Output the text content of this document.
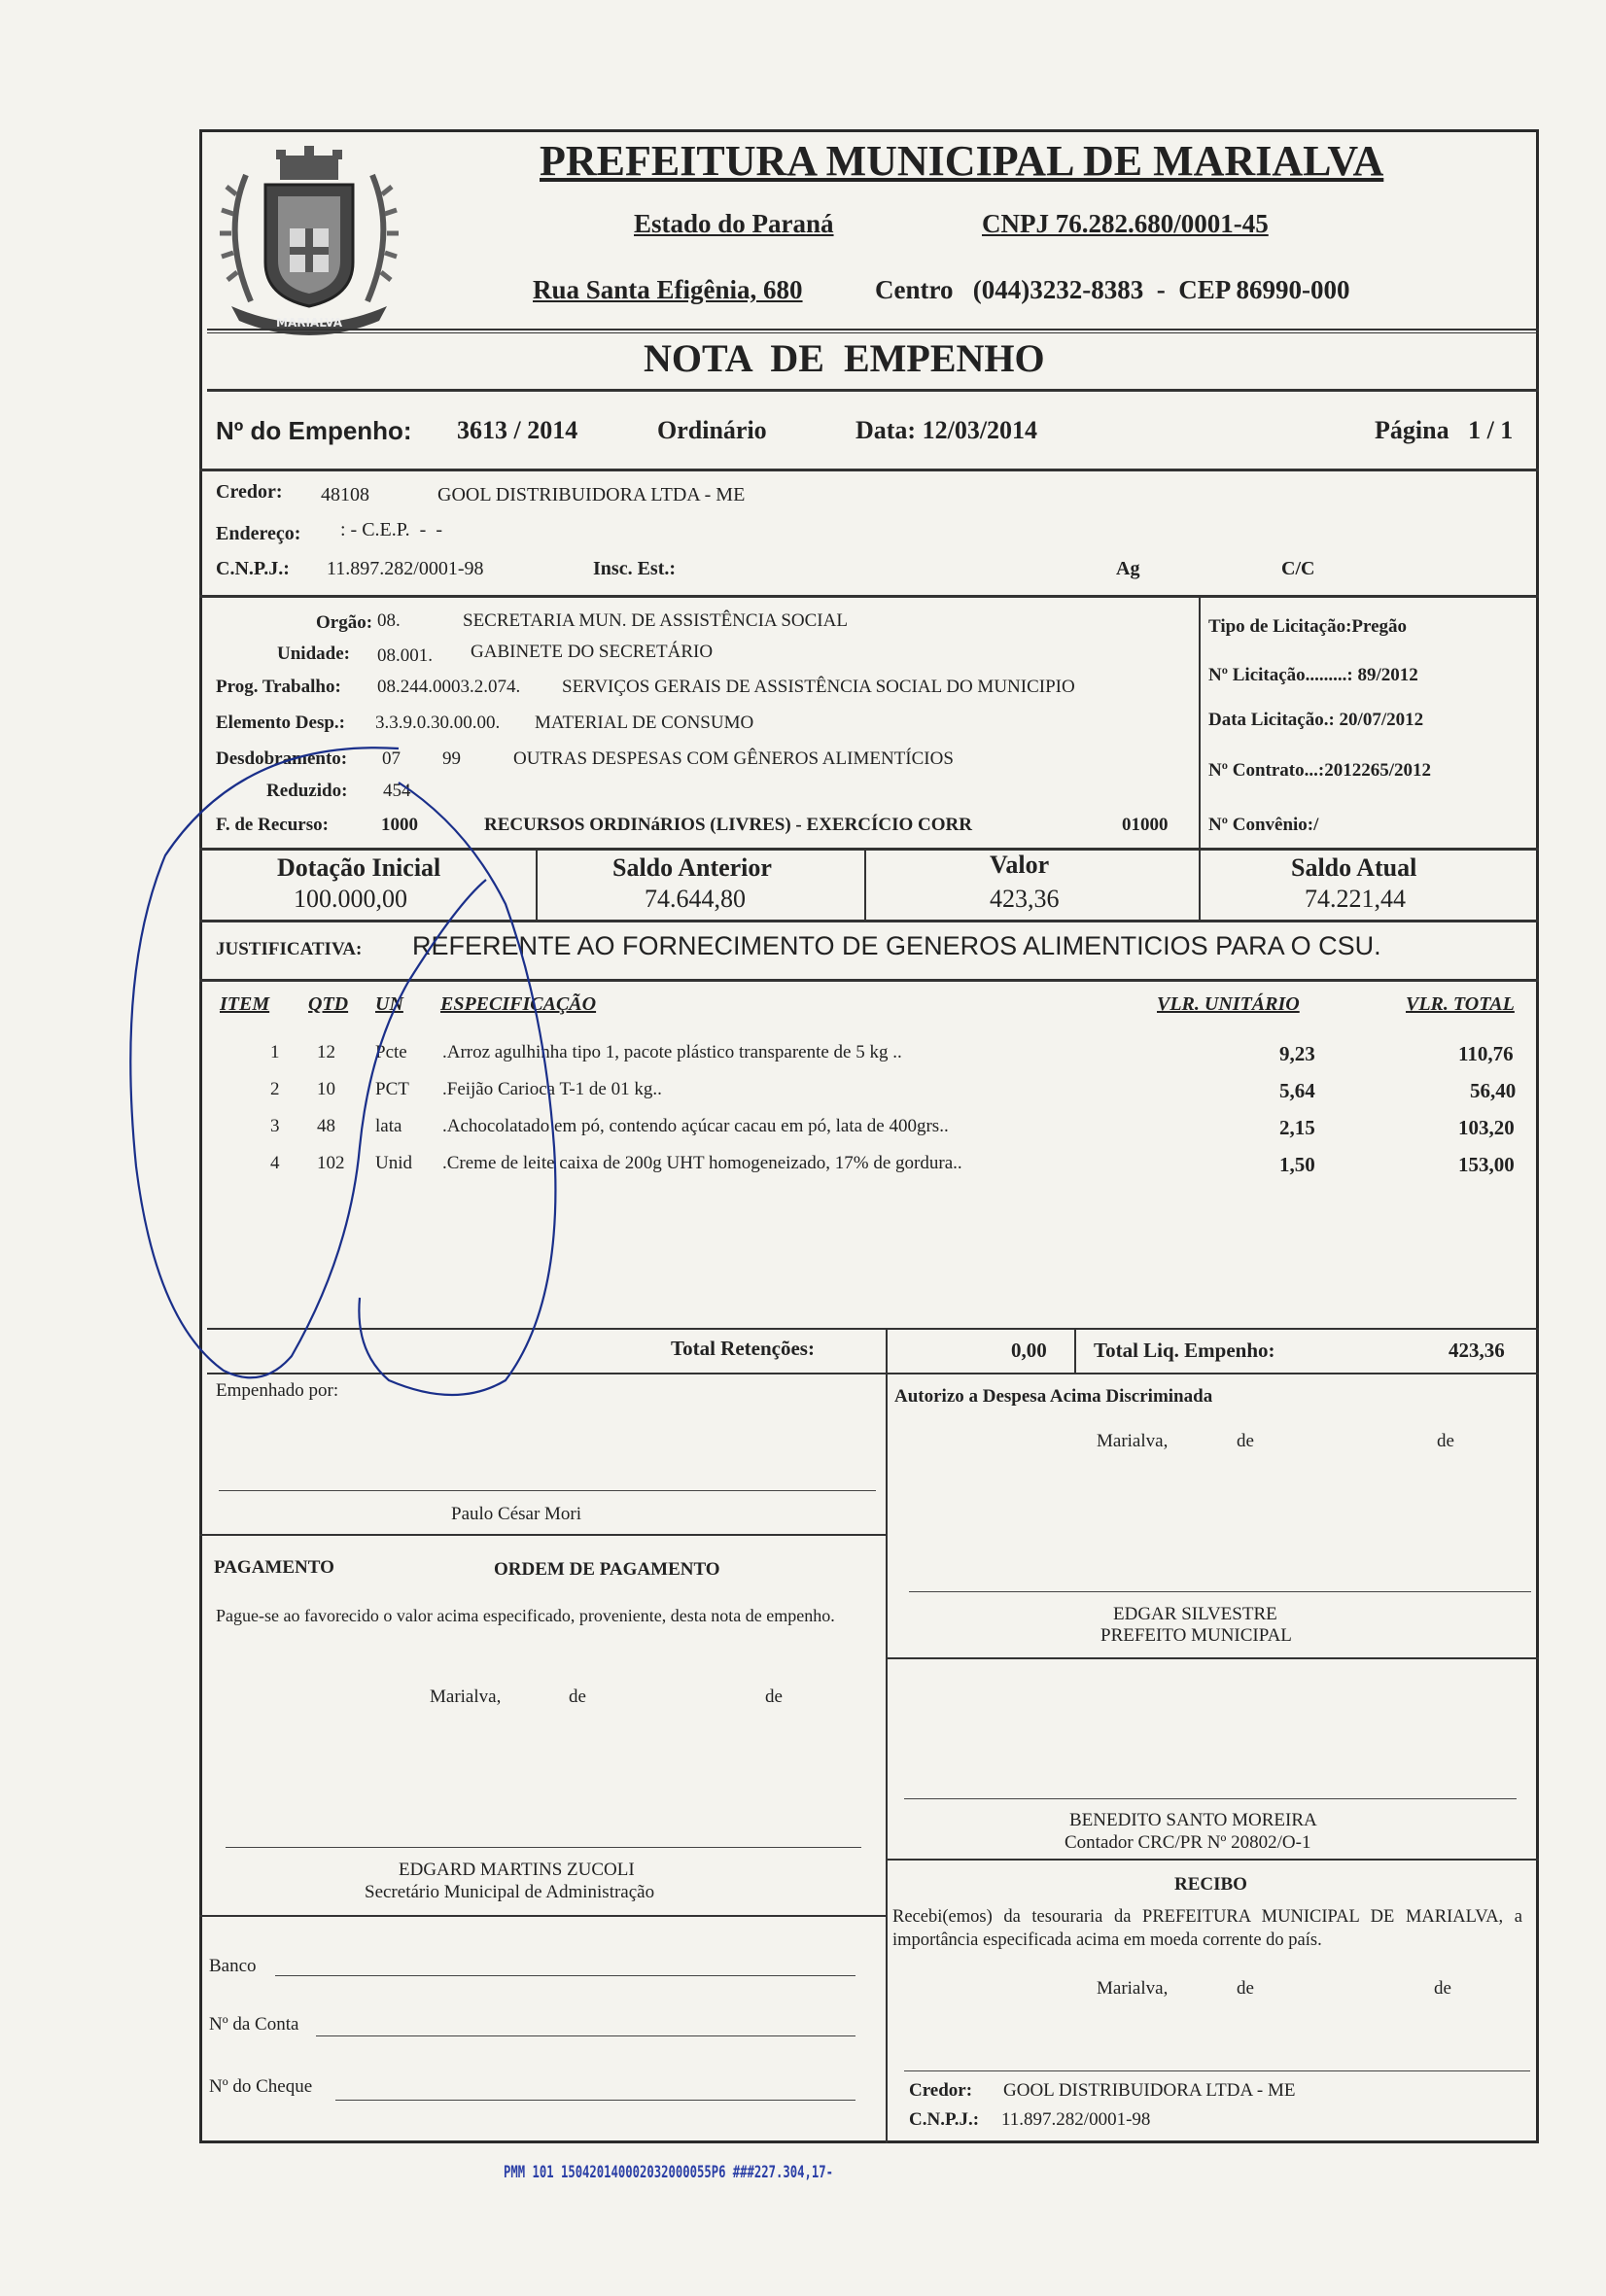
MARIALVA
PREFEITURA MUNICIPAL DE MARIALVA
Estado do Paraná	CNPJ 76.282.680/0001-45
Rua Santa Efigênia, 680	Centro   (044)3232-8383  -  CEP 86990-000
NOTA  DE  EMPENHO
Nº do Empenho: 3613 / 2014	Ordinário	Data: 12/03/2014	Página   1 / 1
Credor: 48108	GOOL DISTRIBUIDORA LTDA - ME
Endereço: : - C.E.P.  -  -
C.N.P.J.: 11.897.282/0001-98	Insc. Est.:	Ag	C/C
Orgão: 08.	SECRETARIA MUN. DE ASSISTÊNCIA SOCIAL
Unidade: 08.001. GABINETE DO SECRETÁRIO
Prog. Trabalho: 08.244.0003.2.074. SERVIÇOS GERAIS DE ASSISTÊNCIA SOCIAL DO MUNICIPIO
Elemento Desp.: 3.3.9.0.30.00.00. MATERIAL DE CONSUMO
Desdobramento: 07 99	OUTRAS DESPESAS COM GÊNEROS ALIMENTÍCIOS
Reduzido: 454
F. de Recurso:	1000	RECURSOS ORDINáRIOS (LIVRES) - EXERCÍCIO CORR	01000
Tipo de Licitação:Pregão
Nº Licitação.........: 89/2012
Data Licitação.: 20/07/2012
Nº Contrato...:2012265/2012
Nº Convênio:/
Dotação Inicial
100.000,00
Saldo Anterior
74.644,80
Valor
423,36
Saldo Atual
74.221,44
JUSTIFICATIVA: REFERENTE AO FORNECIMENTO DE GENEROS ALIMENTICIOS PARA O CSU.
ITEM QTD UN ESPECIFICAÇÃO	VLR. UNITÁRIO	VLR. TOTAL
1 12 Pcte .Arroz agulhinha tipo 1, pacote plástico transparente de 5 kg ..	9,23	110,76
2 10 PCT .Feijão Carioca T-1 de 01 kg..	5,64	56,40
3 48 lata .Achocolatado em pó, contendo açúcar cacau em pó, lata de 400grs..	2,15	103,20
4 102 Unid .Creme de leite caixa de 200g UHT homogeneizado, 17% de gordura..	1,50	153,00
Total Retenções:	0,00 Total Liq. Empenho:	423,36
Empenhado por:
Paulo César Mori
Autorizo a Despesa Acima Discriminada
Marialva,	de	de
PAGAMENTO	ORDEM DE PAGAMENTO
Pague-se ao favorecido o valor acima especificado, proveniente, desta nota de empenho.
Marialva,	de	de
EDGAR SILVESTRE
PREFEITO MUNICIPAL
BENEDITO SANTO MOREIRA
Contador CRC/PR Nº 20802/O-1
EDGARD MARTINS ZUCOLI
Secretário Municipal de Administração	RECIBO
Recebi(emos) da tesouraria da PREFEITURA MUNICIPAL DE MARIALVA, a importância especificada acima em moeda corrente do país.
Marialva,	de	de
Banco
Nº da Conta
Nº do Cheque	Credor: GOOL DISTRIBUIDORA LTDA - ME
C.N.P.J.: 11.897.282/0001-98
PMM 101 150420140002032000055P6 ###227.304,17-
